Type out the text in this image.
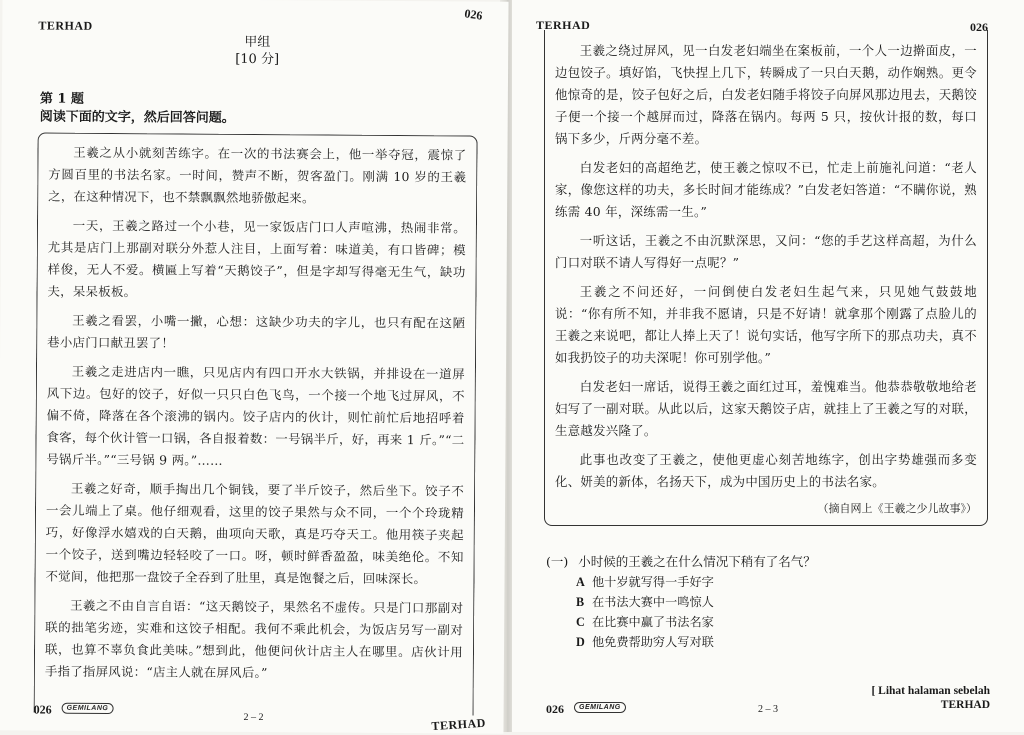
TERHAD
026
甲组
[10 分]
第 1 题
阅读下面的文字，然后回答问题。

王羲之从小就刻苦练字。在一次的书法赛会上，他一举夺冠，震惊了方圆百里的书法名家。一时间，赞声不断，贺客盈门。刚满 10 岁的王羲之，在这种情况下，也不禁飘飘然地骄傲起来。

一天，王羲之路过一个小巷，见一家饭店门口人声喧沸，热闹非常。尤其是店门上那副对联分外惹人注目，上面写着：味道美，有口皆碑；模样俊，无人不爱。横匾上写着“天鹅饺子”，但是字却写得毫无生气，缺功夫，呆呆板板。

王羲之看罢，小嘴一撇，心想：这缺少功夫的字儿，也只有配在这陋巷小店门口献丑罢了！

王羲之走进店内一瞧，只见店内有四口开水大铁锅，并排设在一道屏风下边。包好的饺子，好似一只只白色飞鸟，一个接一个地飞过屏风，不偏不倚，降落在各个滚沸的锅内。饺子店内的伙计，则忙前忙后地招呼着食客，每个伙计管一口锅，各自报着数：一号锅半斤，好，再来 1 斤。”“二号锅斤半。”“三号锅 9 两。”……

王羲之好奇，顺手掏出几个铜钱，要了半斤饺子，然后坐下。饺子不一会儿端上了桌。他仔细观看，这里的饺子果然与众不同，一个个玲珑精巧，好像浮水嬉戏的白天鹅，曲项向天歌，真是巧夺天工。他用筷子夹起一个饺子，送到嘴边轻轻咬了一口。呀，顿时鲜香盈盈，味美绝伦。不知不觉间，他把那一盘饺子全吞到了肚里，真是饱餐之后，回味深长。

王羲之不由自言自语：“这天鹅饺子，果然名不虚传。只是门口那副对联的拙笔劣迹，实难和这饺子相配。我何不乘此机会，为饭店另写一副对联，也算不辜负食此美味。”想到此，他便问伙计店主人在哪里。店伙计用手指了指屏风说：“店主人就在屏风后。”

026	GEMILANG
2 – 2	TERHAD
TERHAD	026

王羲之绕过屏风，见一白发老妇端坐在案板前，一个人一边擀面皮，一边包饺子。填好馅，飞快捏上几下，转瞬成了一只白天鹅，动作娴熟。更令他惊奇的是，饺子包好之后，白发老妇随手将饺子向屏风那边甩去，天鹅饺子便一个接一个越屏而过，降落在锅内。每两 5 只，按伙计报的数，每口锅下多少，斤两分毫不差。

白发老妇的高超绝艺，使王羲之惊叹不已，忙走上前施礼问道：“老人家，像您这样的功夫，多长时间才能练成？”白发老妇答道：“不瞒你说，熟练需 40 年，深练需一生。”

一听这话，王羲之不由沉默深思，又问：“您的手艺这样高超，为什么门口对联不请人写得好一点呢？”

王羲之不问还好，一问倒使白发老妇生起气来，只见她气鼓鼓地说：“你有所不知，并非我不愿请，只是不好请！就拿那个刚露了点脸儿的王羲之来说吧，都让人捧上天了！说句实话，他写字所下的那点功夫，真不如我扔饺子的功夫深呢！你可别学他。”

白发老妇一席话，说得王羲之面红过耳，羞愧难当。他恭恭敬敬地给老妇写了一副对联。从此以后，这家天鹅饺子店，就挂上了王羲之写的对联，生意越发兴隆了。

此事也改变了王羲之，使他更虚心刻苦地练字，创出字势雄强而多变化、妍美的新体，名扬天下，成为中国历史上的书法名家。

（摘自网上《王羲之少儿故事》）
(一) 小时候的王羲之在什么情况下稍有了名气？
A 他十岁就写得一手好字
B 在书法大赛中一鸣惊人
C 在比赛中赢了书法名家
D 他免费帮助穷人写对联
026	GEMILANG	2 – 3
[ Lihat halaman sebelah
TERHAD
